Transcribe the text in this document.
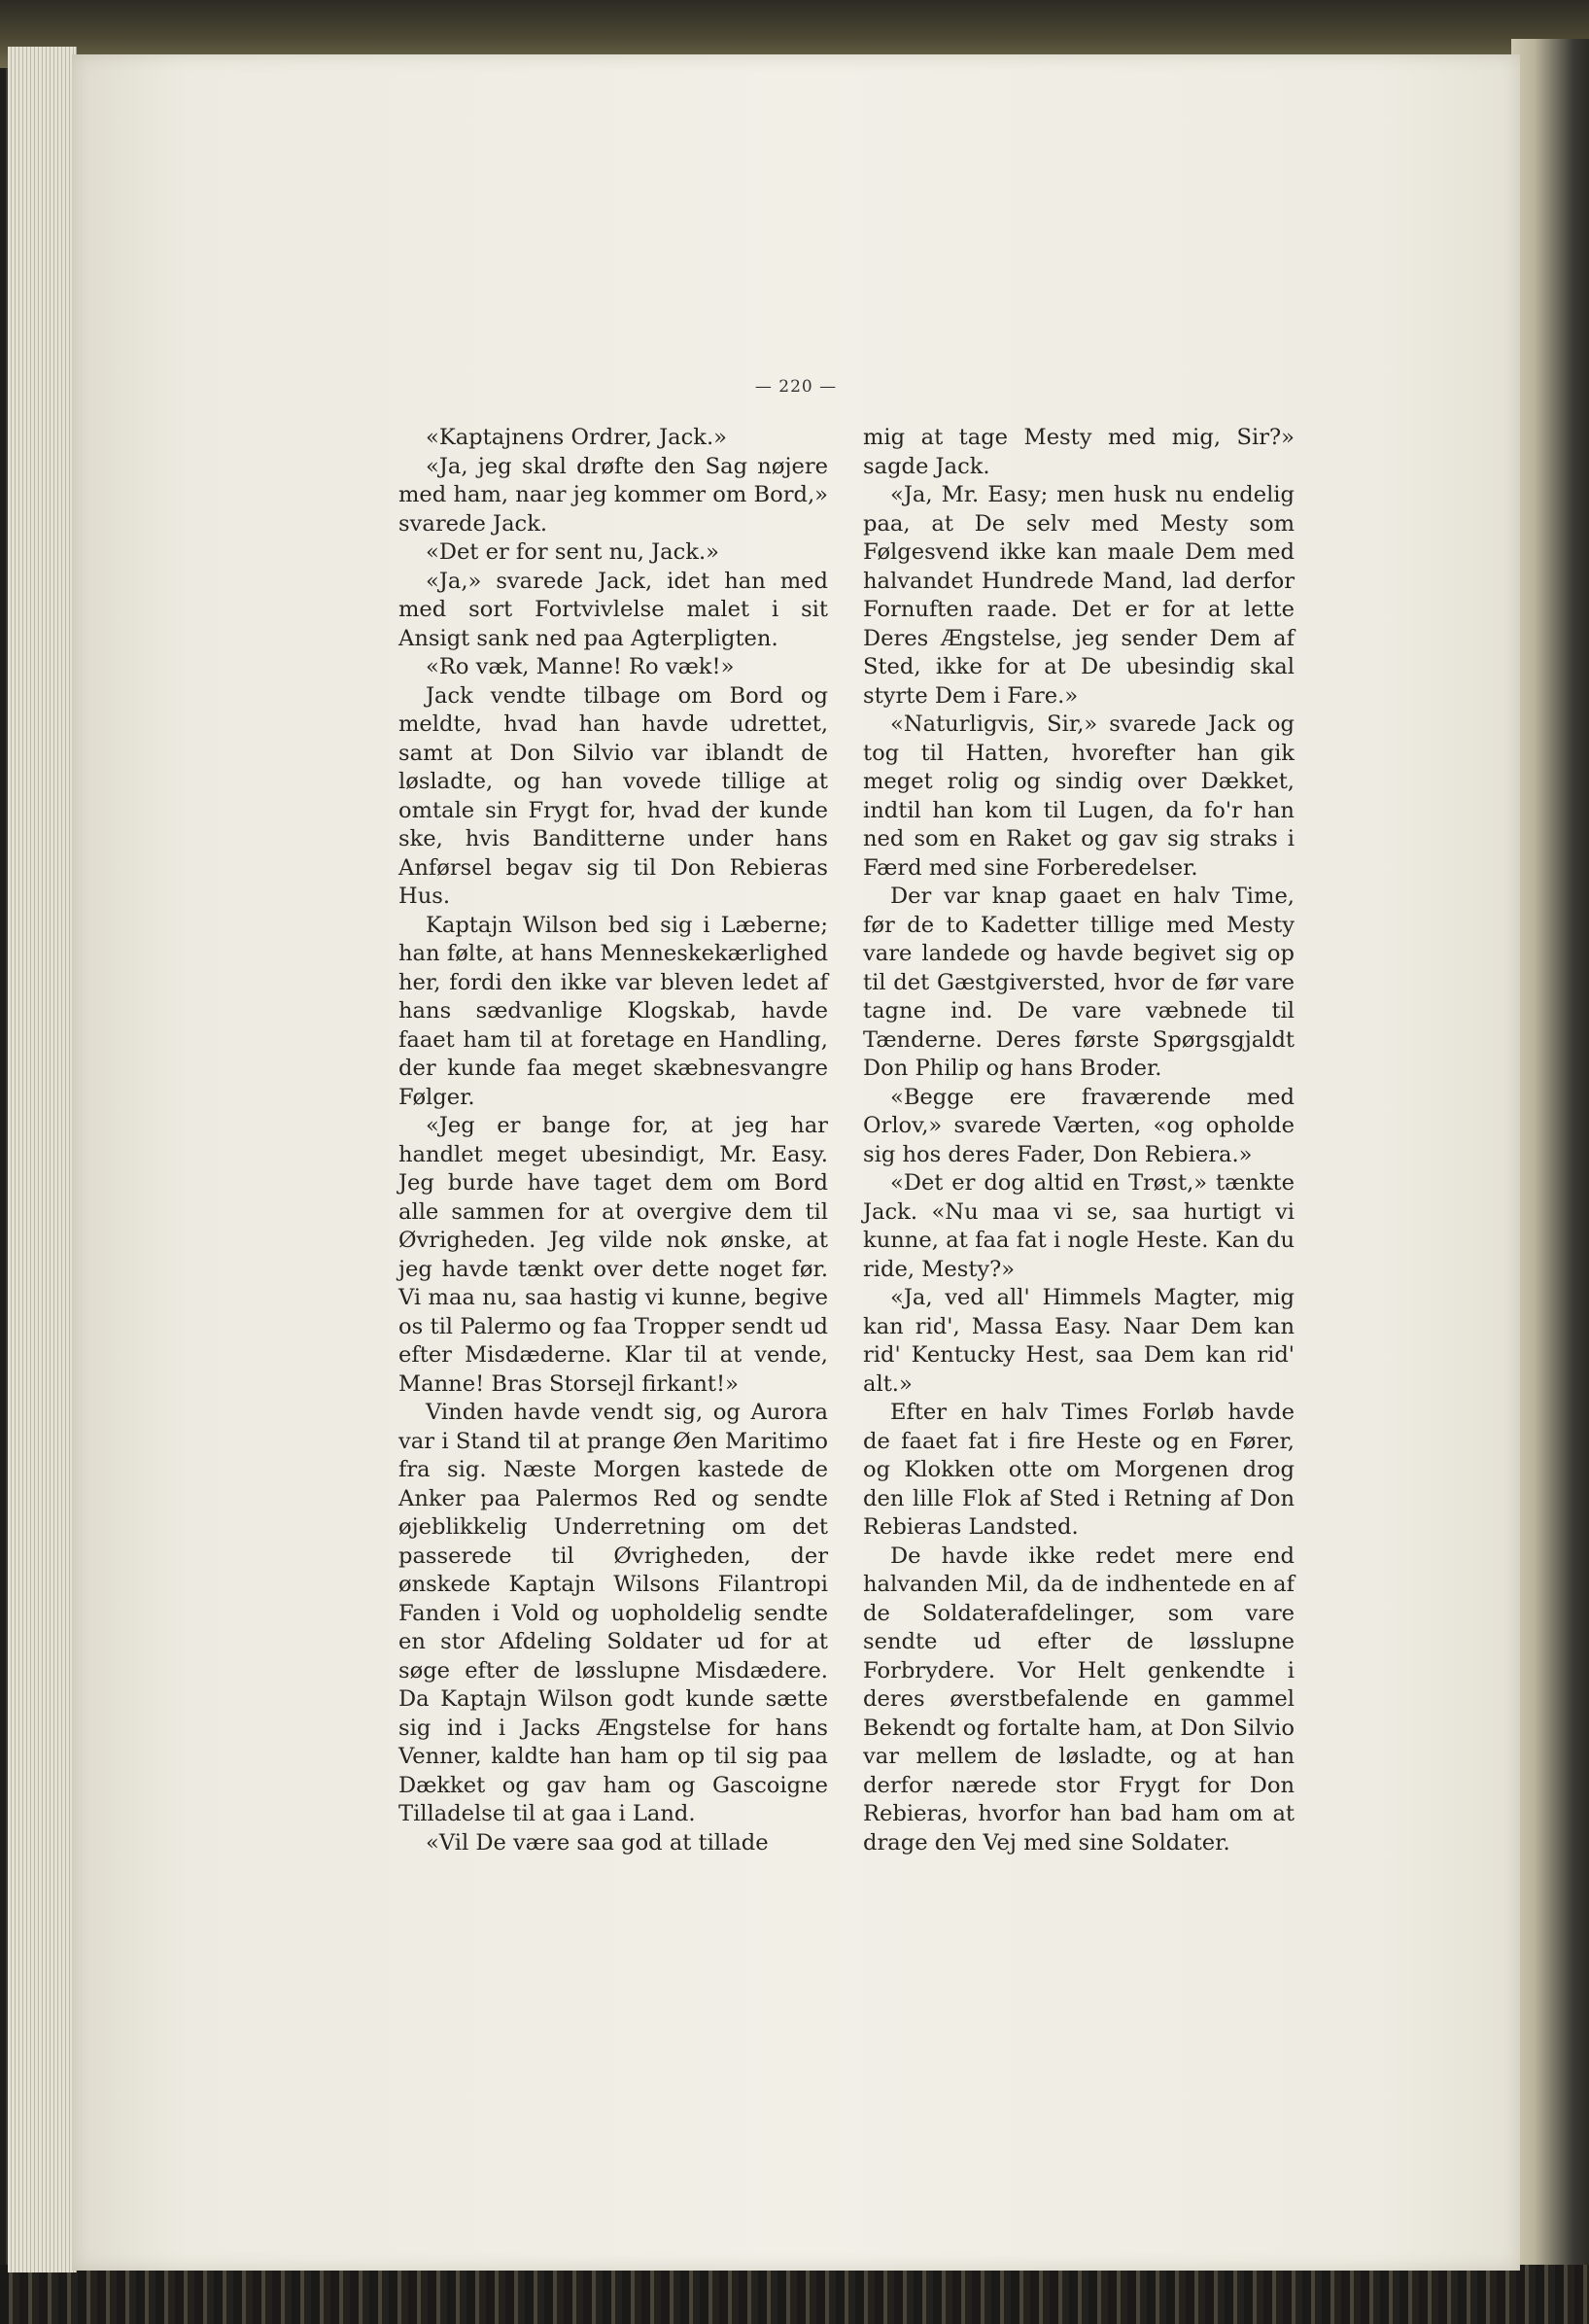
— 220 —

«Kaptajnens Ordrer, Jack.»

«Ja, jeg skal drøfte den Sag nøjere med ham, naar jeg kommer om Bord,» svarede Jack.

«Det er for sent nu, Jack.»

«Ja,» svarede Jack, idet han med med sort Fortvivlelse malet i sit Ansigt sank ned paa Agterpligten.

«Ro væk, Manne! Ro væk!»

Jack vendte tilbage om Bord og meldte, hvad han havde udrettet, samt at Don Silvio var iblandt de løsladte, og han vovede tillige at omtale sin Frygt for, hvad der kunde ske, hvis Banditterne under hans Anførsel begav sig til Don Rebieras Hus.

Kaptajn Wilson bed sig i Læberne; han følte, at hans Menneskekærlighed her, fordi den ikke var bleven ledet af hans sædvanlige Klogskab, havde faaet ham til at foretage en Handling, der kunde faa meget skæbnesvangre Følger.

«Jeg er bange for, at jeg har handlet meget ubesindigt, Mr. Easy. Jeg burde have taget dem om Bord alle sammen for at overgive dem til Øvrigheden. Jeg vilde nok ønske, at jeg havde tænkt over dette noget før. Vi maa nu, saa hastig vi kunne, begive os til Palermo og faa Tropper sendt ud efter Misdæderne. Klar til at vende, Manne! Bras Storsejl firkant!»

Vinden havde vendt sig, og Aurora var i Stand til at prange Øen Maritimo fra sig. Næste Morgen kastede de Anker paa Palermos Red og sendte øjeblikkelig Underretning om det passerede til Øvrigheden, der ønskede Kaptajn Wilsons Filantropi Fanden i Vold og uopholdelig sendte en stor Afdeling Soldater ud for at søge efter de løsslupne Misdædere. Da Kaptajn Wilson godt kunde sætte sig ind i Jacks Ængstelse for hans Venner, kaldte han ham op til sig paa Dækket og gav ham og Gascoigne Tilladelse til at gaa i Land.

«Vil De være saa god at tillade

mig at tage Mesty med mig, Sir?» sagde Jack.

«Ja, Mr. Easy; men husk nu endelig paa, at De selv med Mesty som Følgesvend ikke kan maale Dem med halvandet Hundrede Mand, lad derfor Fornuften raade. Det er for at lette Deres Ængstelse, jeg sender Dem af Sted, ikke for at De ubesindig skal styrte Dem i Fare.»

«Naturligvis, Sir,» svarede Jack og tog til Hatten, hvorefter han gik meget rolig og sindig over Dækket, indtil han kom til Lugen, da fo'r han ned som en Raket og gav sig straks i Færd med sine Forberedelser.

Der var knap gaaet en halv Time, før de to Kadetter tillige med Mesty vare landede og havde begivet sig op til det Gæstgiversted, hvor de før vare tagne ind. De vare væbnede til Tænderne. Deres første Spørgsgjaldt Don Philip og hans Broder.

«Begge ere fraværende med Orlov,» svarede Værten, «og opholde sig hos deres Fader, Don Rebiera.»

«Det er dog altid en Trøst,» tænkte Jack. «Nu maa vi se, saa hurtigt vi kunne, at faa fat i nogle Heste. Kan du ride, Mesty?»

«Ja, ved all' Himmels Magter, mig kan rid', Massa Easy. Naar Dem kan rid' Kentucky Hest, saa Dem kan rid' alt.»

Efter en halv Times Forløb havde de faaet fat i fire Heste og en Fører, og Klokken otte om Morgenen drog den lille Flok af Sted i Retning af Don Rebieras Landsted.

De havde ikke redet mere end halvanden Mil, da de indhentede en af de Soldaterafdelinger, som vare sendte ud efter de løsslupne Forbrydere. Vor Helt genkendte i deres øverstbefalende en gammel Bekendt og fortalte ham, at Don Silvio var mellem de løsladte, og at han derfor nærede stor Frygt for Don Rebieras, hvorfor han bad ham om at drage den Vej med sine Soldater.
